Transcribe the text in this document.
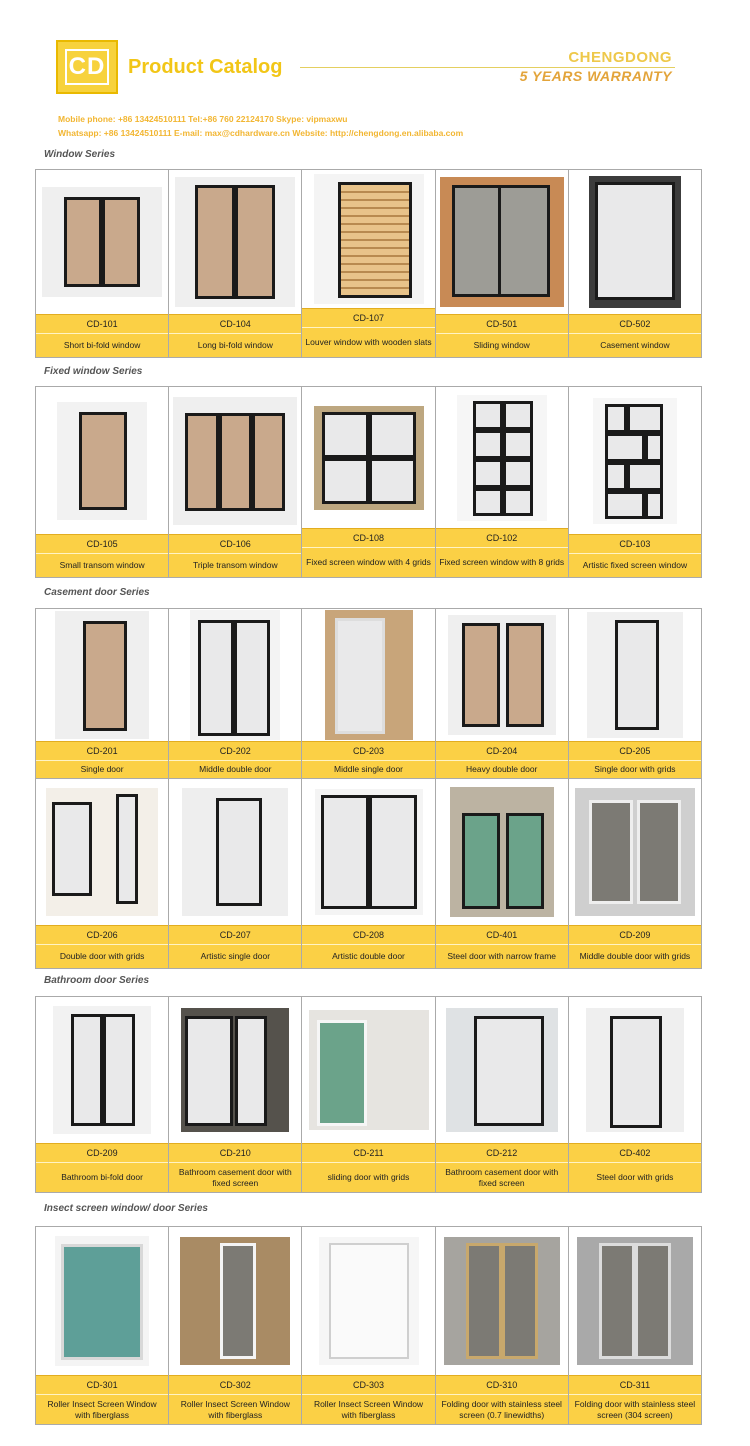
CD Product Catalog	CHENGDONG
5 YEARS WARRANTY
Mobile phone: +86 13424510111 Tel:+86 760 22124170 Skype: vipmaxwu
Whatsapp: +86 13424510111 E-mail: max@cdhardware.cn Website: http://chengdong.en.alibaba.com
Window Series
CD-101
Short bi-fold window
CD-104
Long bi-fold window
CD-107
Louver window with wooden slats
CD-501
Sliding window
CD-502
Casement window
Fixed window Series
CD-105
Small transom window
CD-106
Triple transom window
CD-108
Fixed screen window with 4 grids
CD-102
Fixed screen window with 8 grids
CD-103
Artistic fixed screen window
Casement door Series
CD-201
Single door
CD-202
Middle double door
CD-203
Middle single door
CD-204
Heavy double door
CD-205
Single door with grids
CD-206
Double door with grids
CD-207
Artistic single door
CD-208
Artistic double door
CD-401
Steel door with narrow frame
CD-209
Middle double door with grids
Bathroom door Series
CD-209
Bathroom bi-fold door
CD-210
Bathroom casement door with fixed screen
CD-211
sliding door with grids
CD-212
Bathroom casement door with fixed screen
CD-402
Steel door with grids
Insect screen window/ door Series
CD-301
Roller Insect Screen Window with fiberglass
CD-302
Roller Insect Screen Window with fiberglass
CD-303
Roller Insect Screen Window with fiberglass
CD-310
Folding door with stainless steel screen (0.7 linewidths)
CD-311
Folding door with stainless steel screen (304 screen)
